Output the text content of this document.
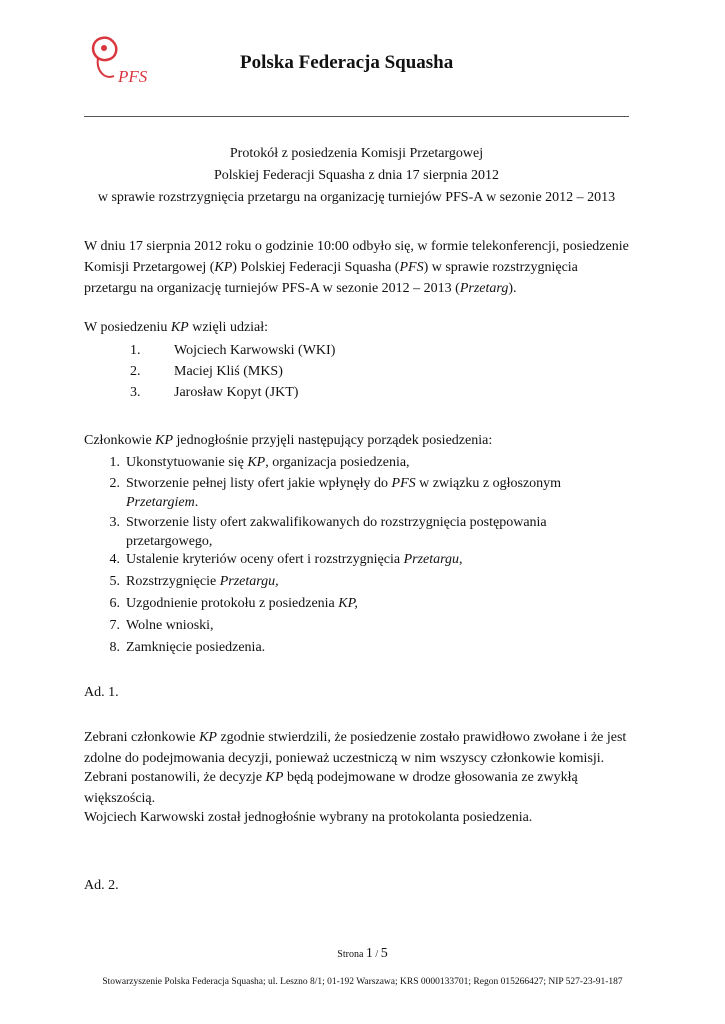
PFS
Polska Federacja Squasha
Protokół z posiedzenia Komisji Przetargowej
Polskiej Federacji Squasha z dnia 17 sierpnia 2012
w sprawie rozstrzygnięcia przetargu na organizację turniejów PFS-A w sezonie 2012 – 2013
W dniu 17 sierpnia 2012 roku o godzinie 10:00 odbyło się, w formie telekonferencji, posiedzenie
Komisji Przetargowej (KP) Polskiej Federacji Squasha (PFS) w sprawie rozstrzygnięcia
przetargu na organizację turniejów PFS-A w sezonie 2012 – 2013 (Przetarg).
W posiedzeniu KP wzięli udział:
1. Wojciech Karwowski (WKI)
2. Maciej Kliś (MKS)
3. Jarosław Kopyt (JKT)
Członkowie KP jednogłośnie przyjęli następujący porządek posiedzenia:
1. Ukonstytuowanie się KP, organizacja posiedzenia,
2. Stworzenie pełnej listy ofert jakie wpłynęły do PFS w związku z ogłoszonym
Przetargiem.
3. Stworzenie listy ofert zakwalifikowanych do rozstrzygnięcia postępowania
przetargowego,
4. Ustalenie kryteriów oceny ofert i rozstrzygnięcia Przetargu,
5. Rozstrzygnięcie Przetargu,
6. Uzgodnienie protokołu z posiedzenia KP,
7. Wolne wnioski,
8. Zamknięcie posiedzenia.
Ad. 1.
Zebrani członkowie KP zgodnie stwierdzili, że posiedzenie zostało prawidłowo zwołane i że jest
zdolne do podejmowania decyzji, ponieważ uczestniczą w nim wszyscy członkowie komisji.
Zebrani postanowili, że decyzje KP będą podejmowane w drodze głosowania ze zwykłą
większością.
Wojciech Karwowski został jednogłośnie wybrany na protokolanta posiedzenia.
Ad. 2.
Strona 1 / 5
Stowarzyszenie Polska Federacja Squasha; ul. Leszno 8/1; 01-192 Warszawa; KRS 0000133701; Regon 015266427; NIP 527-23-91-187
